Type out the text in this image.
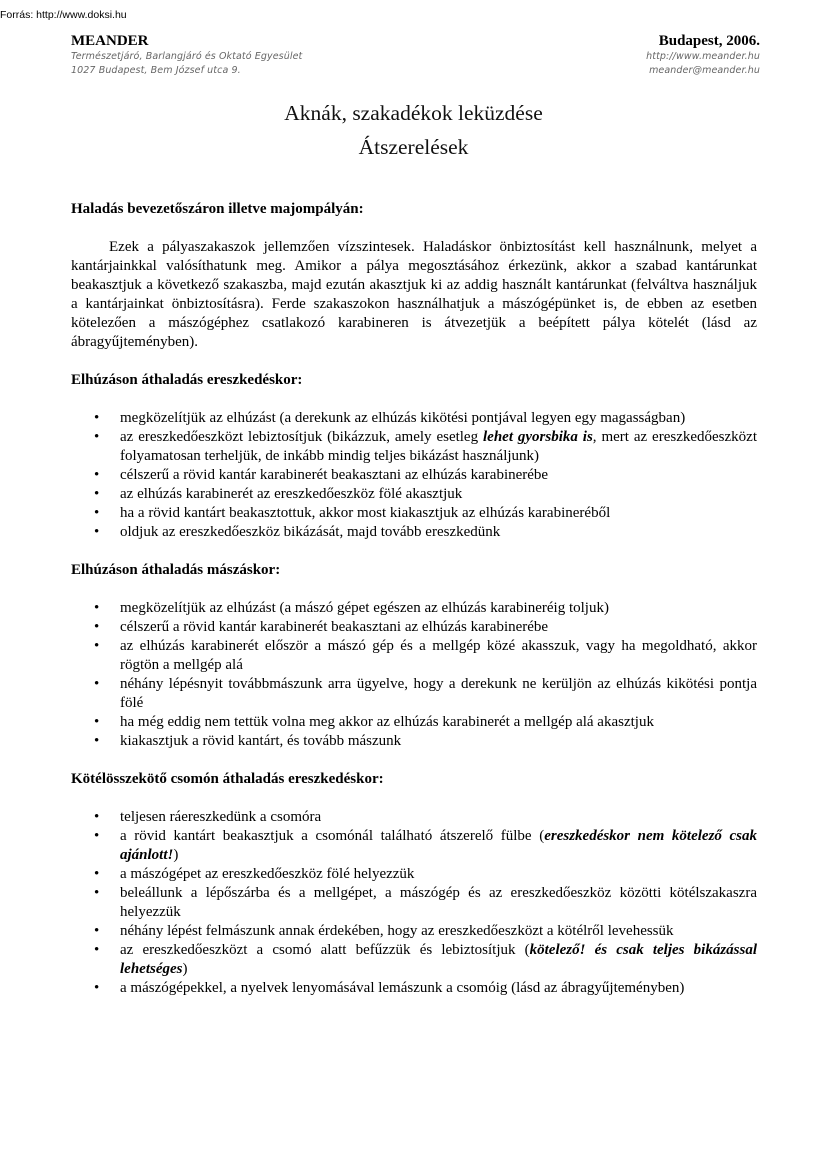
Forrás: http://www.doksi.hu
MEANDER
Természetjáró, Barlangjáró és Oktató Egyesület
1027 Budapest, Bem József utca 9.
Budapest, 2006.
http://www.meander.hu
meander@meander.hu
Aknák, szakadékok leküzdése
Átszerelések
Haladás bevezetőszáron illetve majompályán:

Ezek a pályaszakaszok jellemzően vízszintesek. Haladáskor önbiztosítást kell használnunk, melyet a kantárjainkkal valósíthatunk meg. Amikor a pálya megosztásához érkezünk, akkor a szabad kantárunkat beakasztjuk a következő szakaszba, majd ezután akasztjuk ki az addig használt kantárunkat (felváltva használjuk a kantárjainkat önbiztosításra). Ferde szakaszokon használhatjuk a mászógépünket is, de ebben az esetben kötelezően a mászógéphez csatlakozó karabineren is átvezetjük a beépített pálya kötelét (lásd az ábragyűjteményben).

Elhúzáson áthaladás ereszkedéskor:
• megközelítjük az elhúzást (a derekunk az elhúzás kikötési pontjával legyen egy magasságban)
• az ereszkedőeszközt lebiztosítjuk (bikázzuk, amely esetleg lehet gyorsbika is, mert az ereszkedőeszközt folyamatosan terheljük, de inkább mindig teljes bikázást használjunk)
• célszerű a rövid kantár karabinerét beakasztani az elhúzás karabinerébe
• az elhúzás karabinerét az ereszkedőeszköz fölé akasztjuk
• ha a rövid kantárt beakasztottuk, akkor most kiakasztjuk az elhúzás karabineréből
• oldjuk az ereszkedőeszköz bikázását, majd tovább ereszkedünk
Elhúzáson áthaladás mászáskor:
• megközelítjük az elhúzást (a mászó gépet egészen az elhúzás karabineréig toljuk)
• célszerű a rövid kantár karabinerét beakasztani az elhúzás karabinerébe
• az elhúzás karabinerét először a mászó gép és a mellgép közé akasszuk, vagy ha megoldható, akkor rögtön a mellgép alá
• néhány lépésnyit továbbmászunk arra ügyelve, hogy a derekunk ne kerüljön az elhúzás kikötési pontja fölé
• ha még eddig nem tettük volna meg akkor az elhúzás karabinerét a mellgép alá akasztjuk
• kiakasztjuk a rövid kantárt, és tovább mászunk
Kötélösszekötő csomón áthaladás ereszkedéskor:
• teljesen ráereszkedünk a csomóra
• a rövid kantárt beakasztjuk a csomónál található átszerelő fülbe (ereszkedéskor nem kötelező csak ajánlott!)
• a mászógépet az ereszkedőeszköz fölé helyezzük
• beleállunk a lépőszárba és a mellgépet, a mászógép és az ereszkedőeszköz közötti kötélszakaszra helyezzük
• néhány lépést felmászunk annak érdekében, hogy az ereszkedőeszközt a kötélről levehessük
• az ereszkedőeszközt a csomó alatt befűzzük és lebiztosítjuk (kötelező! és csak teljes bikázással lehetséges)
• a mászógépekkel, a nyelvek lenyomásával lemászunk a csomóig (lásd az ábragyűjteményben)
